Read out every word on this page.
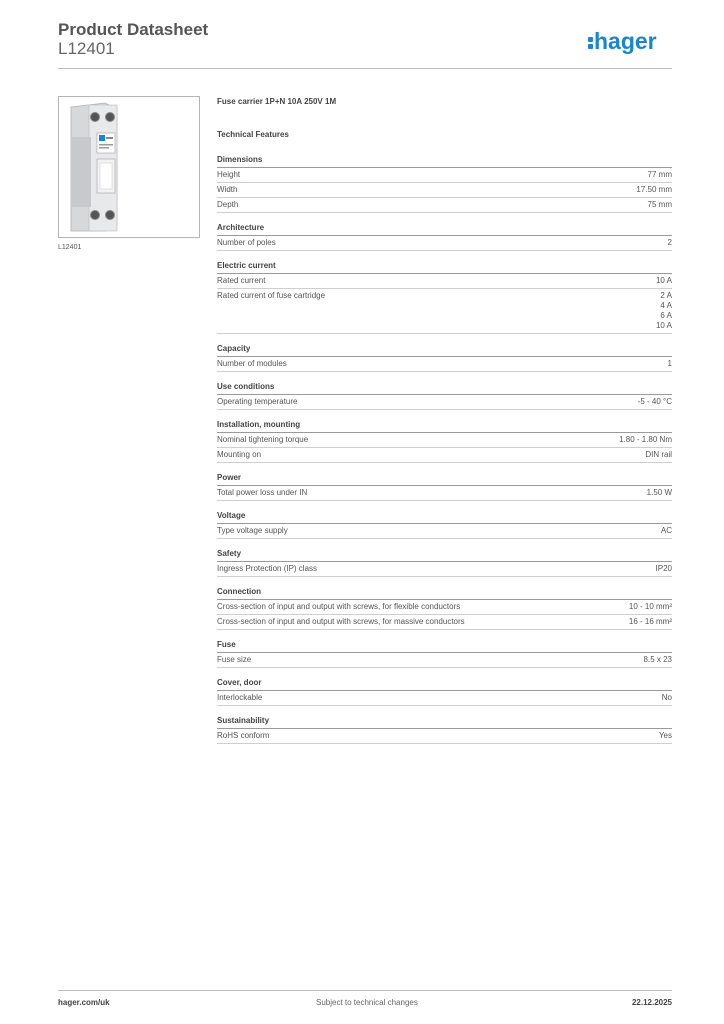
Product Datasheet
L12401	hager
L12401
Fuse carrier 1P+N 10A 250V 1M
Technical Features
Dimensions
Height	77 mm
Width	17.50 mm
Depth	75 mm
Architecture
Number of poles	2
Electric current
Rated current	10 A
Rated current of fuse cartridge	2 A
4 A
6 A
10 A
Capacity
Number of modules	1
Use conditions
Operating temperature	-5 - 40 °C
Installation, mounting
Nominal tightening torque	1.80 - 1.80 Nm
Mounting on	DIN rail
Power
Total power loss under IN	1.50 W
Voltage
Type voltage supply	AC
Safety
Ingress Protection (IP) class	IP20
Connection
Cross-section of input and output with screws, for flexible conductors	10 - 10 mm²
Cross-section of input and output with screws, for massive conductors	16 - 16 mm²
Fuse
Fuse size	8.5 x 23
Cover, door
Interlockable	No
Sustainability
RoHS conform	Yes
hager.com/uk	Subject to technical changes	22.12.2025
